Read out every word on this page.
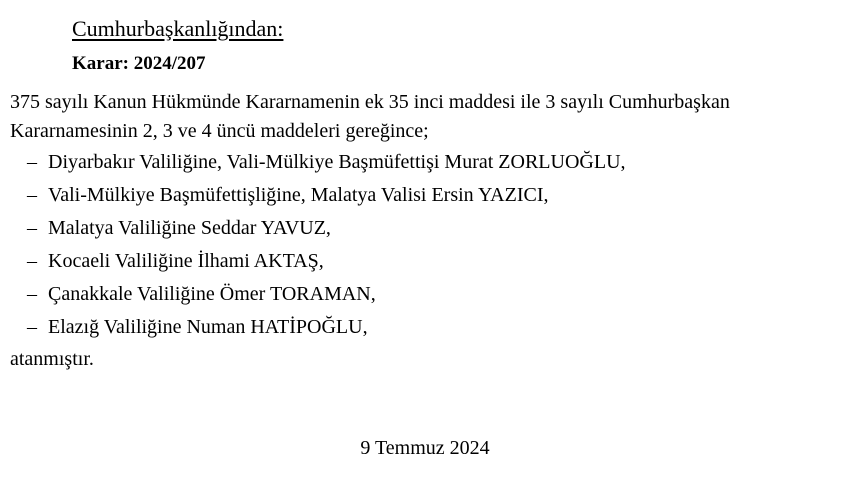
Cumhurbaşkanlığından:
Karar: 2024/207

375 sayılı Kanun Hükmünde Kararnamenin ek 35 inci maddesi ile 3 sayılı Cumhurbaşkan

Kararnamesinin 2, 3 ve 4 üncü maddeleri gereğince;

– Diyarbakır Valiliğine, Vali-Mülkiye Başmüfettişi Murat ZORLUOĞLU,
– Vali-Mülkiye Başmüfettişliğine, Malatya Valisi Ersin YAZICI,
– Malatya Valiliğine Seddar YAVUZ,
– Kocaeli Valiliğine İlhami AKTAŞ,
– Çanakkale Valiliğine Ömer TORAMAN,
– Elazığ Valiliğine Numan HATİPOĞLU,

atanmıştır.

9 Temmuz 2024
